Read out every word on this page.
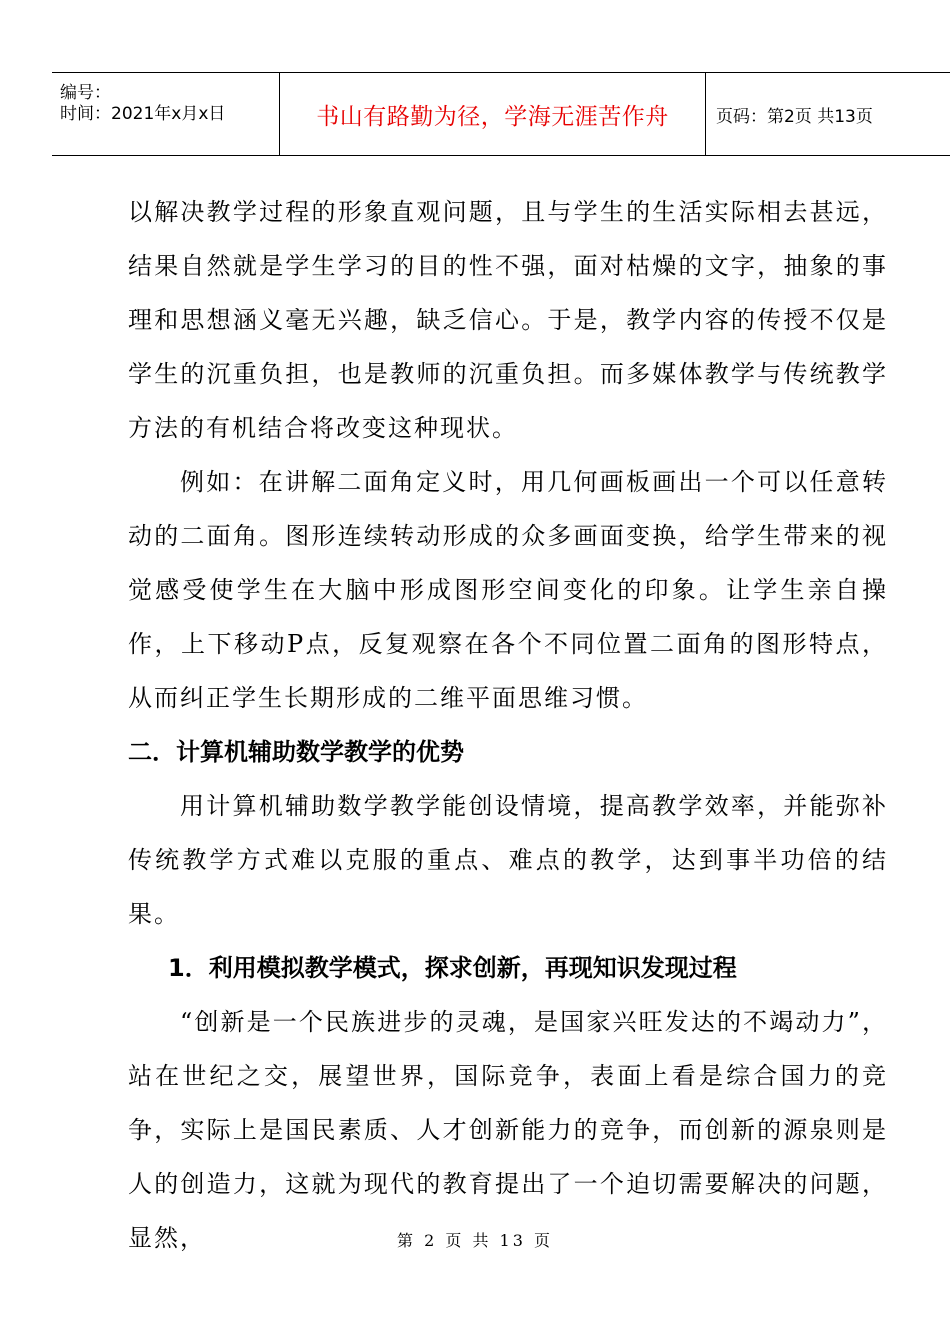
编号：
时间：2021年x月x日	书山有路勤为径，学海无涯苦作舟	页码：第2页 共13页

以解决教学过程的形象直观问题，且与学生的生活实际相去甚远，结果自然就是学生学习的目的性不强，面对枯燥的文字，抽象的事理和思想涵义毫无兴趣，缺乏信心。于是，教学内容的传授不仅是学生的沉重负担，也是教师的沉重负担。而多媒体教学与传统教学方法的有机结合将改变这种现状。

例如：在讲解二面角定义时，用几何画板画出一个可以任意转动的二面角。图形连续转动形成的众多画面变换，给学生带来的视觉感受使学生在大脑中形成图形空间变化的印象。让学生亲自操作，上下移动P点，反复观察在各个不同位置二面角的图形特点，从而纠正学生长期形成的二维平面思维习惯。

二．计算机辅助数学教学的优势

用计算机辅助数学教学能创设情境，提高教学效率，并能弥补传统教学方式难以克服的重点、难点的教学，达到事半功倍的结果。

1．利用模拟教学模式，探求创新，再现知识发现过程

“创新是一个民族进步的灵魂，是国家兴旺发达的不竭动力”，站在世纪之交，展望世界，国际竞争，表面上看是综合国力的竞争，实际上是国民素质、人才创新能力的竞争，而创新的源泉则是人的创造力，这就为现代的教育提出了一个迫切需要解决的问题，显然，	第 2 页 共 13 页
